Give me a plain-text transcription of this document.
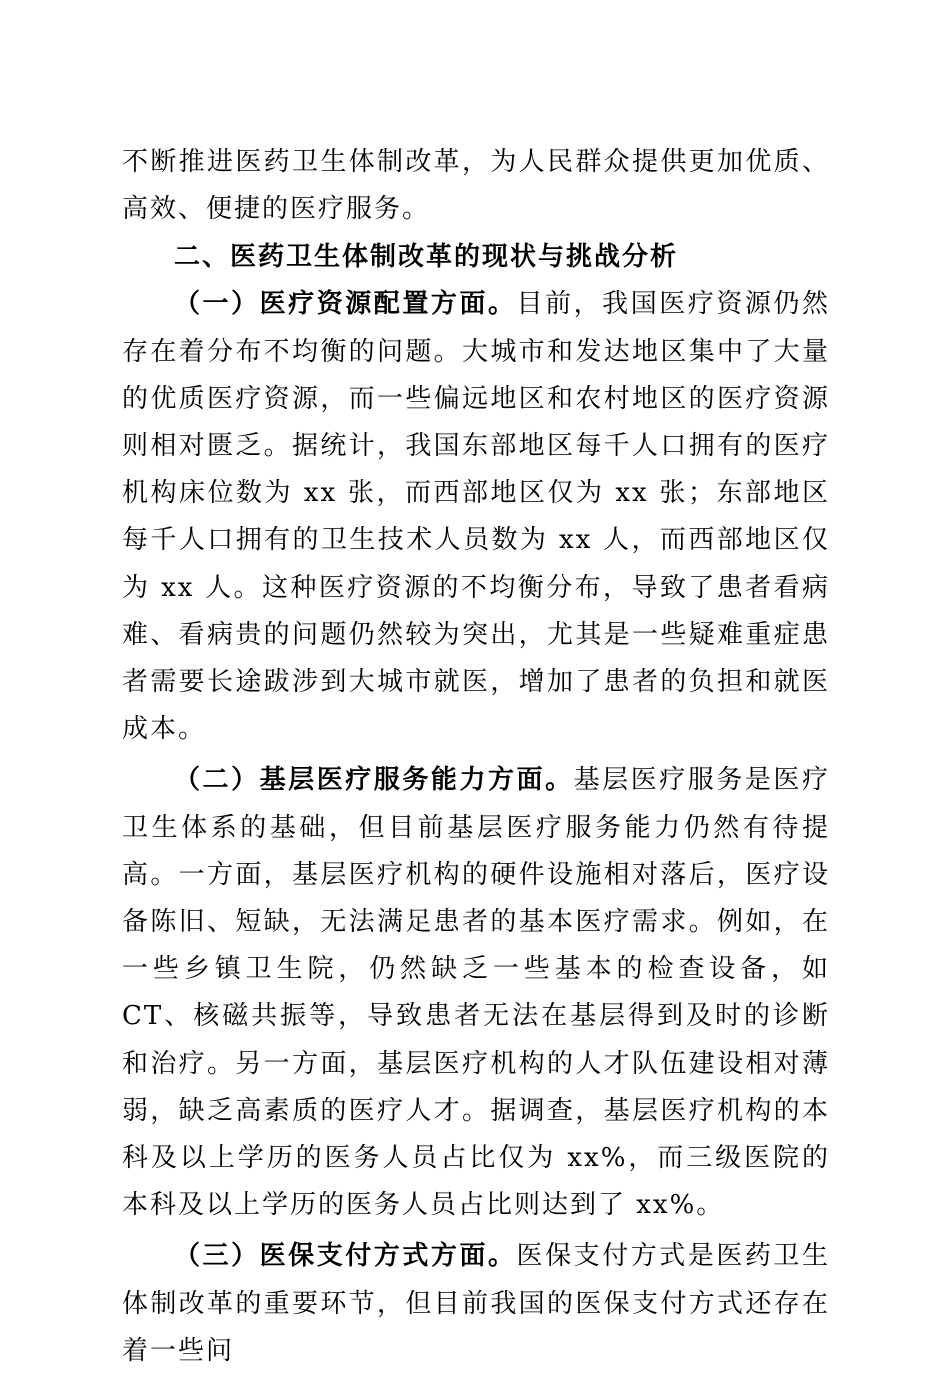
不断推进医药卫生体制改革，为人民群众提供更加优质、高效、便捷的医疗服务。

二、医药卫生体制改革的现状与挑战分析

（一）医疗资源配置方面。目前，我国医疗资源仍然存在着分布不均衡的问题。大城市和发达地区集中了大量的优质医疗资源，而一些偏远地区和农村地区的医疗资源则相对匮乏。据统计，我国东部地区每千人口拥有的医疗机构床位数为 xx 张，而西部地区仅为 xx 张；东部地区每千人口拥有的卫生技术人员数为 xx 人，而西部地区仅为 xx 人。这种医疗资源的不均衡分布，导致了患者看病难、看病贵的问题仍然较为突出，尤其是一些疑难重症患者需要长途跋涉到大城市就医，增加了患者的负担和就医成本。

（二）基层医疗服务能力方面。基层医疗服务是医疗卫生体系的基础，但目前基层医疗服务能力仍然有待提高。一方面，基层医疗机构的硬件设施相对落后，医疗设备陈旧、短缺，无法满足患者的基本医疗需求。例如，在一些乡镇卫生院，仍然缺乏一些基本的检查设备，如 CT、核磁共振等，导致患者无法在基层得到及时的诊断和治疗。另一方面，基层医疗机构的人才队伍建设相对薄弱，缺乏高素质的医疗人才。据调查，基层医疗机构的本科及以上学历的医务人员占比仅为 xx%，而三级医院的本科及以上学历的医务人员占比则达到了 xx%。

（三）医保支付方式方面。医保支付方式是医药卫生体制改革的重要环节，但目前我国的医保支付方式还存在着一些问
